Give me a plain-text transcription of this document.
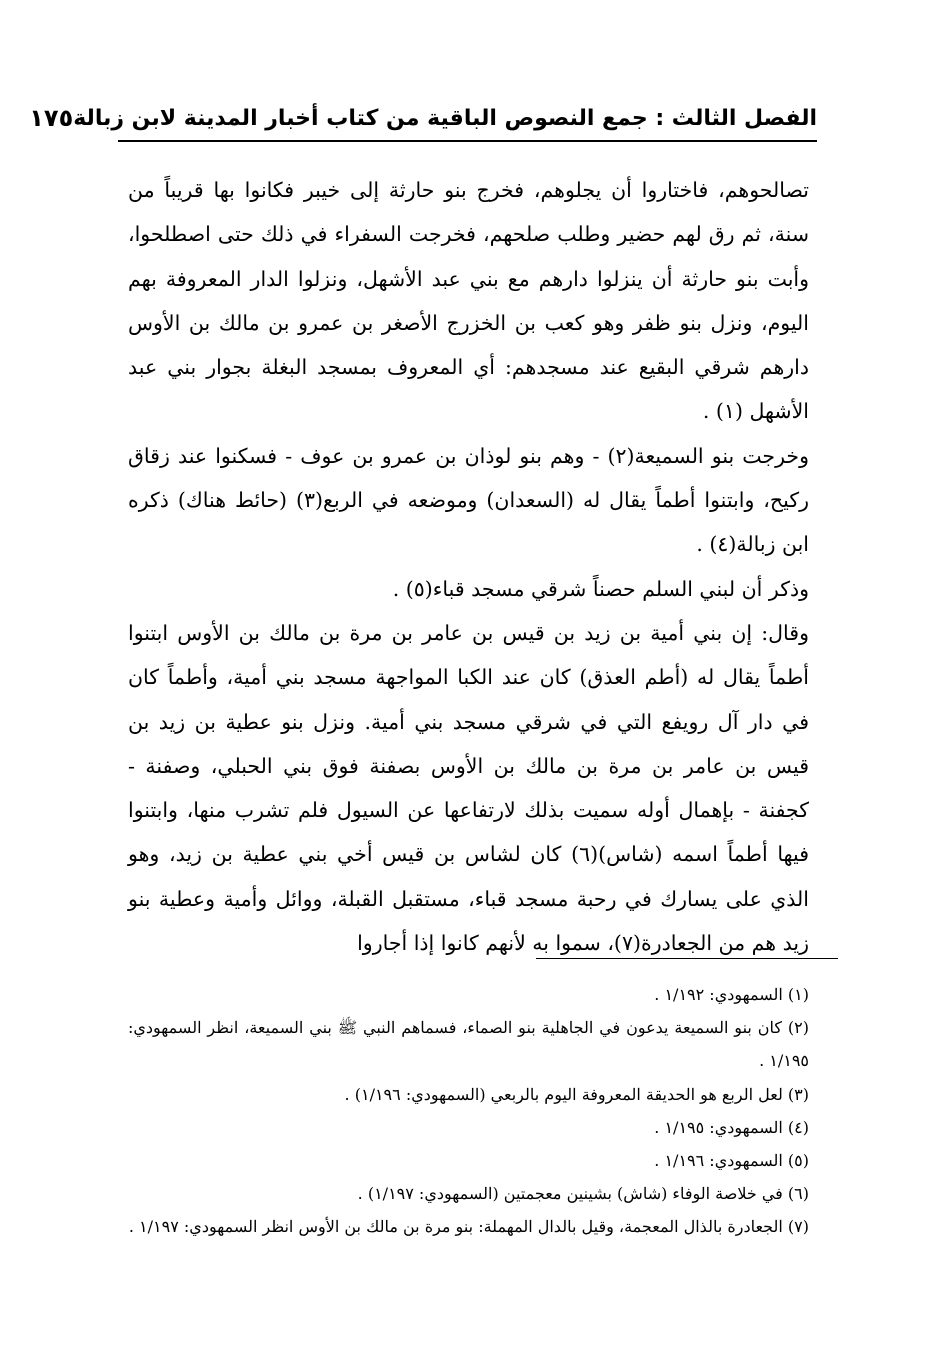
الفصل الثالث : جمع النصوص الباقية من كتاب أخبار المدينة لابن زبالة
١٧٥

تصالحوهم، فاختاروا أن يجلوهم، فخرج بنو حارثة إلى خيبر فكانوا بها قريباً من سنة، ثم رق لهم حضير وطلب صلحهم، فخرجت السفراء في ذلك حتى اصطلحوا، وأبت بنو حارثة أن ينزلوا دارهم مع بني عبد الأشهل، ونزلوا الدار المعروفة بهم اليوم، ونزل بنو ظفر وهو كعب بن الخزرج الأصغر بن عمرو بن مالك بن الأوس دارهم شرقي البقيع عند مسجدهم: أي المعروف بمسجد البغلة بجوار بني عبد الأشهل (١) .

وخرجت بنو السميعة(٢) - وهم بنو لوذان بن عمرو بن عوف - فسكنوا عند زقاق ركيح، وابتنوا أطماً يقال له (السعدان) وموضعه في الربع(٣) (حائط هناك) ذكره ابن زبالة(٤) .

وذكر أن لبني السلم حصناً شرقي مسجد قباء(٥) .

وقال: إن بني أمية بن زيد بن قيس بن عامر بن مرة بن مالك بن الأوس ابتنوا أطماً يقال له (أطم العذق) كان عند الكبا المواجهة مسجد بني أمية، وأطماً كان في دار آل رويفع التي في شرقي مسجد بني أمية. ونزل بنو عطية بن زيد بن قيس بن عامر بن مرة بن مالك بن الأوس بصفنة فوق بني الحبلي، وصفنة - كجفنة - بإهمال أوله سميت بذلك لارتفاعها عن السيول فلم تشرب منها، وابتنوا فيها أطماً اسمه (شاس)(٦) كان لشاس بن قيس أخي بني عطية بن زيد، وهو الذي على يسارك في رحبة مسجد قباء، مستقبل القبلة، ووائل وأمية وعطية بنو زيد هم من الجعادرة(٧)، سموا به لأنهم كانوا إذا أجاروا

(١) السمهودي: ١/١٩٢ .

(٢) كان بنو السميعة يدعون في الجاهلية بنو الصماء، فسماهم النبي ﷺ بني السميعة، انظر السمهودي: ١/١٩٥ .

(٣) لعل الربع هو الحديقة المعروفة اليوم بالربعي (السمهودي: ١/١٩٦) .

(٤) السمهودي: ١/١٩٥ .

(٥) السمهودي: ١/١٩٦ .

(٦) في خلاصة الوفاء (شاش) بشينين معجمتين (السمهودي: ١/١٩٧) .

(٧) الجعادرة بالذال المعجمة، وقيل بالدال المهملة: بنو مرة بن مالك بن الأوس انظر السمهودي: ١/١٩٧ .
